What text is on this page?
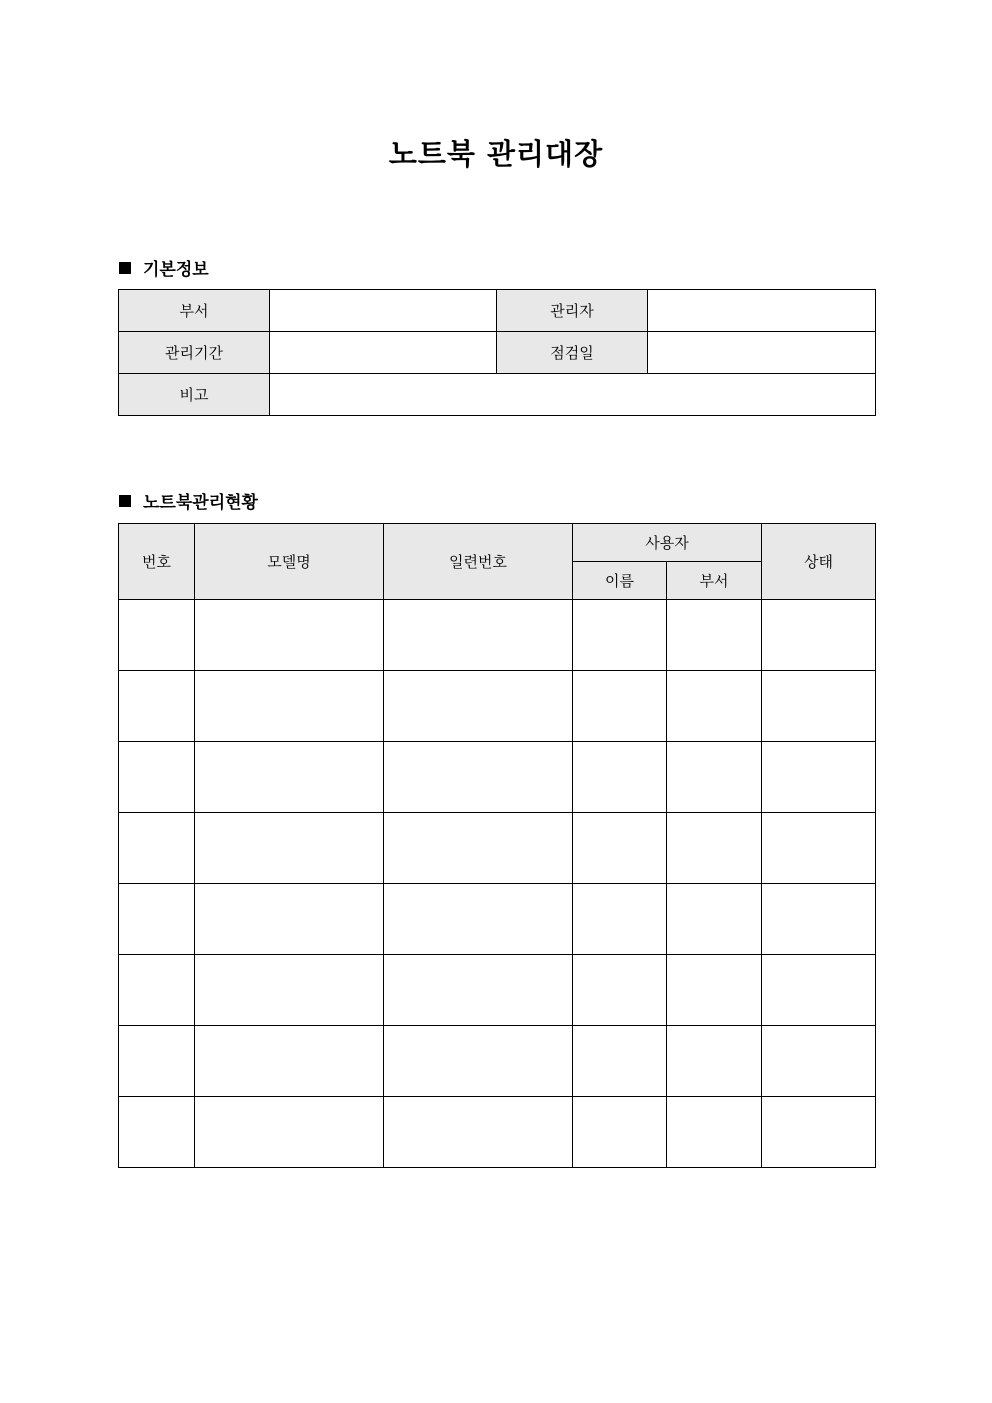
노트북 관리대장
기본정보
부서		관리자	
관리기간		점검일	
비고			
노트북관리현황
번호	모델명	일련번호	사용자		상태
			이름	부서	
